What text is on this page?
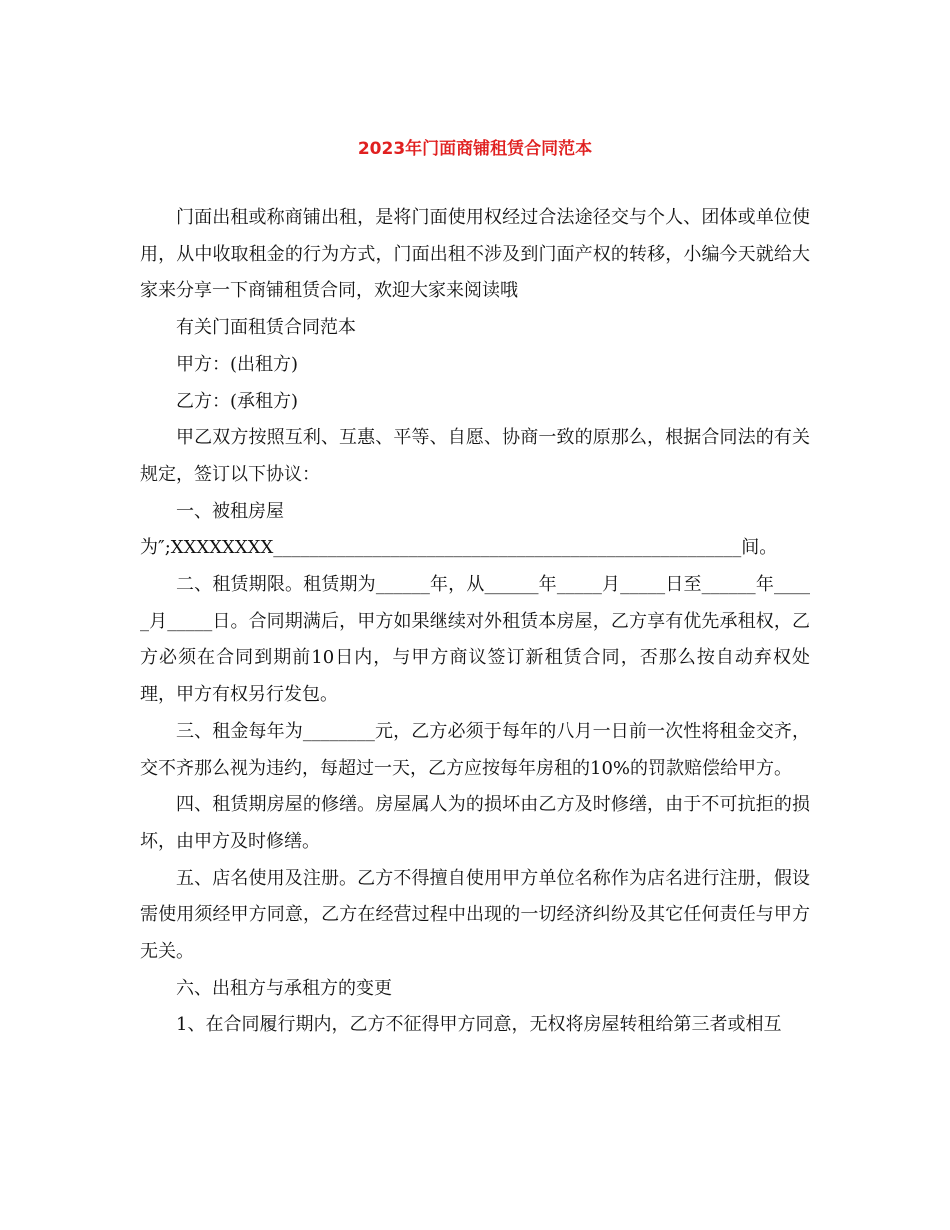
2023年门面商铺租赁合同范本

门面出租或称商铺出租，是将门面使用权经过合法途径交与个人、团体或单位使用，从中收取租金的行为方式，门面出租不涉及到门面产权的转移，小编今天就给大家来分享一下商铺租赁合同，欢迎大家来阅读哦

有关门面租赁合同范本

甲方：(出租方)

乙方：(承租方)

甲乙双方按照互利、互惠、平等、自愿、协商一致的原那么，根据合同法的有关规定，签订以下协议：

一、被租房屋

为″;XXXXXXXX____________________________________________________间。

二、租赁期限。租赁期为______年，从______年_____月_____日至______年_____月_____日。合同期满后，甲方如果继续对外租赁本房屋，乙方享有优先承租权，乙方必须在合同到期前10日内，与甲方商议签订新租赁合同，否那么按自动弃权处理，甲方有权另行发包。

三、租金每年为________元，乙方必须于每年的八月一日前一次性将租金交齐，交不齐那么视为违约，每超过一天，乙方应按每年房租的10%的罚款赔偿给甲方。

四、租赁期房屋的修缮。房屋属人为的损坏由乙方及时修缮，由于不可抗拒的损坏，由甲方及时修缮。

五、店名使用及注册。乙方不得擅自使用甲方单位名称作为店名进行注册，假设需使用须经甲方同意，乙方在经营过程中出现的一切经济纠纷及其它任何责任与甲方无关。

六、出租方与承租方的变更

1、在合同履行期内，乙方不征得甲方同意，无权将房屋转租给第三者或相互
